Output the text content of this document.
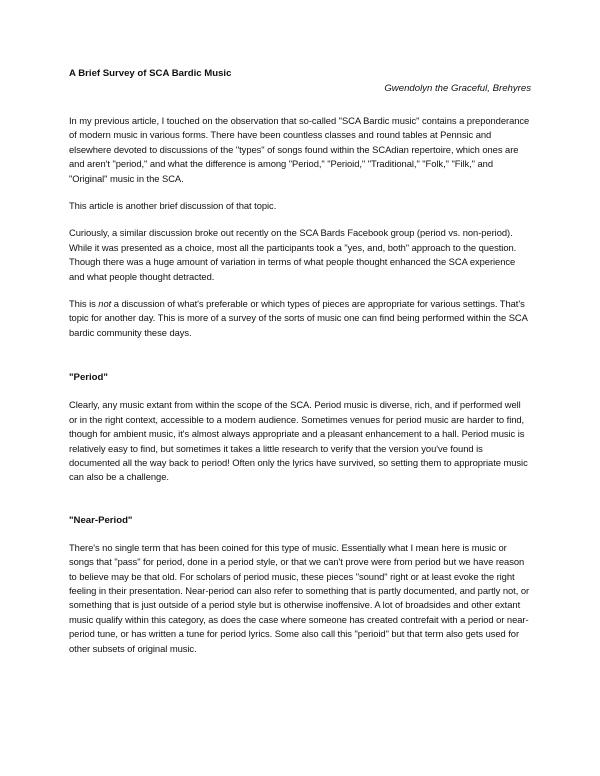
A Brief Survey of SCA Bardic Music
Gwendolyn the Graceful, Brehyres

In my previous article, I touched on the observation that so-called "SCA Bardic music" contains a preponderance of modern music in various forms. There have been countless classes and round tables at Pennsic and elsewhere devoted to discussions of the "types" of songs found within the SCAdian repertoire, which ones are and aren't "period," and what the difference is among "Period," "Perioid," "Traditional," "Folk," "Filk," and "Original" music in the SCA.

This article is another brief discussion of that topic.

Curiously, a similar discussion broke out recently on the SCA Bards Facebook group (period vs. non-period). While it was presented as a choice, most all the participants took a "yes, and, both" approach to the question. Though there was a huge amount of variation in terms of what people thought enhanced the SCA experience and what people thought detracted.

This is not a discussion of what's preferable or which types of pieces are appropriate for various settings. That's topic for another day. This is more of a survey of the sorts of music one can find being performed within the SCA bardic community these days.

"Period"

Clearly, any music extant from within the scope of the SCA. Period music is diverse, rich, and if performed well or in the right context, accessible to a modern audience. Sometimes venues for period music are harder to find, though for ambient music, it's almost always appropriate and a pleasant enhancement to a hall. Period music is relatively easy to find, but sometimes it takes a little research to verify that the version you've found is documented all the way back to period! Often only the lyrics have survived, so setting them to appropriate music can also be a challenge.

"Near-Period"

There's no single term that has been coined for this type of music. Essentially what I mean here is music or songs that "pass" for period, done in a period style, or that we can't prove were from period but we have reason to believe may be that old. For scholars of period music, these pieces "sound" right or at least evoke the right feeling in their presentation. Near-period can also refer to something that is partly documented, and partly not, or something that is just outside of a period style but is otherwise inoffensive. A lot of broadsides and other extant music qualify within this category, as does the case where someone has created contrefait with a period or near-period tune, or has written a tune for period lyrics. Some also call this "perioid" but that term also gets used for other subsets of original music.
